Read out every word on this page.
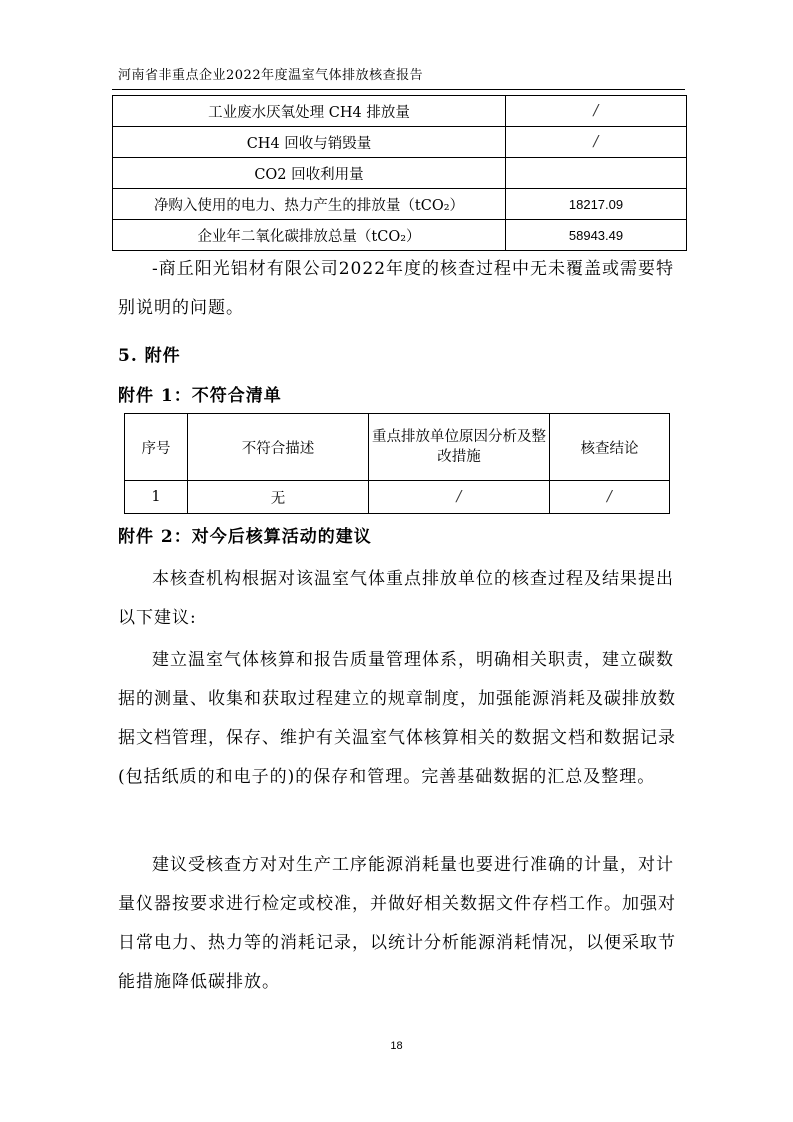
河南省非重点企业2022年度温室气体排放核查报告
工业废水厌氧处理 CH4 排放量	/
CH4 回收与销毁量	/
CO2 回收利用量	
净购入使用的电力、热力产生的排放量（tCO₂）	18217.09
企业年二氧化碳排放总量（tCO₂）	58943.49

-商丘阳光铝材有限公司2022年度的核查过程中无未覆盖或需要特别说明的问题。

5. 附件

附件 1：不符合清单

序号	不符合描述	重点排放单位原因分析及整改措施	核查结论
1	无	/	/

附件 2：对今后核算活动的建议

本核查机构根据对该温室气体重点排放单位的核查过程及结果提出以下建议:

建立温室气体核算和报告质量管理体系，明确相关职责，建立碳数据的测量、收集和获取过程建立的规章制度，加强能源消耗及碳排放数据文档管理，保存、维护有关温室气体核算相关的数据文档和数据记录(包括纸质的和电子的)的保存和管理。完善基础数据的汇总及整理。

建议受核查方对对生产工序能源消耗量也要进行准确的计量，对计量仪器按要求进行检定或校准，并做好相关数据文件存档工作。加强对日常电力、热力等的消耗记录，以统计分析能源消耗情况，以便采取节能措施降低碳排放。

18
